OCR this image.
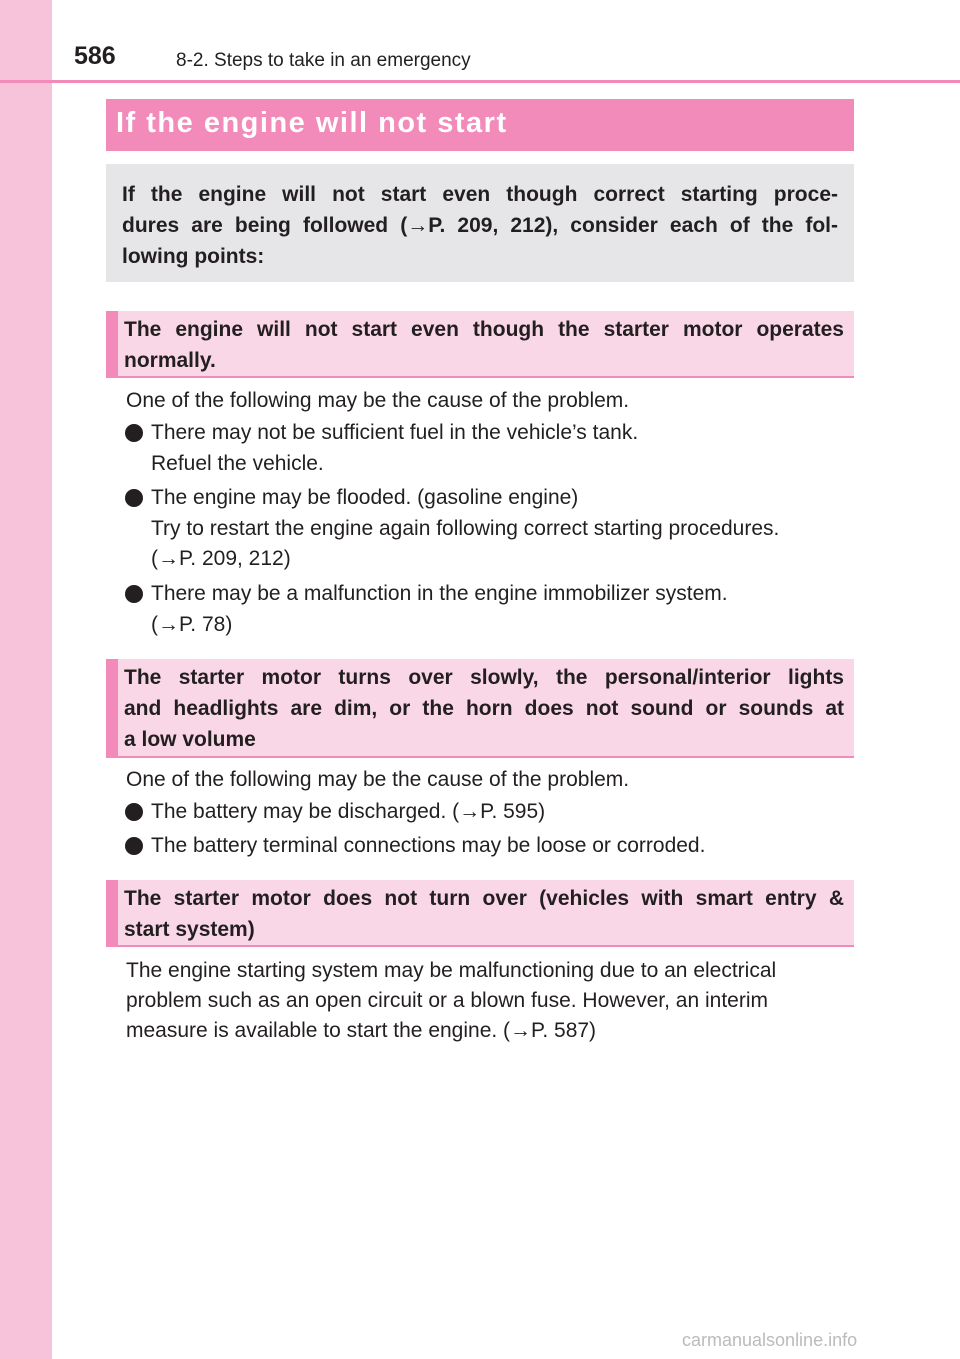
586	8-2. Steps to take in an emergency
If the engine will not start
If the engine will not start even though correct starting proce-
dures are being followed (→P. 209, 212), consider each of the fol-
lowing points:
The engine will not start even though the starter motor operates
normally.
One of the following may be the cause of the problem.
There may not be sufficient fuel in the vehicle’s tank.
Refuel the vehicle.
The engine may be flooded. (gasoline engine)
Try to restart the engine again following correct starting procedures.
(→P. 209, 212)
There may be a malfunction in the engine immobilizer system.
(→P. 78)
The starter motor turns over slowly, the personal/interior lights
and headlights are dim, or the horn does not sound or sounds at
a low volume
One of the following may be the cause of the problem.
The battery may be discharged. (→P. 595)
The battery terminal connections may be loose or corroded.
The starter motor does not turn over (vehicles with smart entry &
start system)
The engine starting system may be malfunctioning due to an electrical
problem such as an open circuit or a blown fuse. However, an interim
measure is available to start the engine. (→P. 587)
carmanualsonline.info
